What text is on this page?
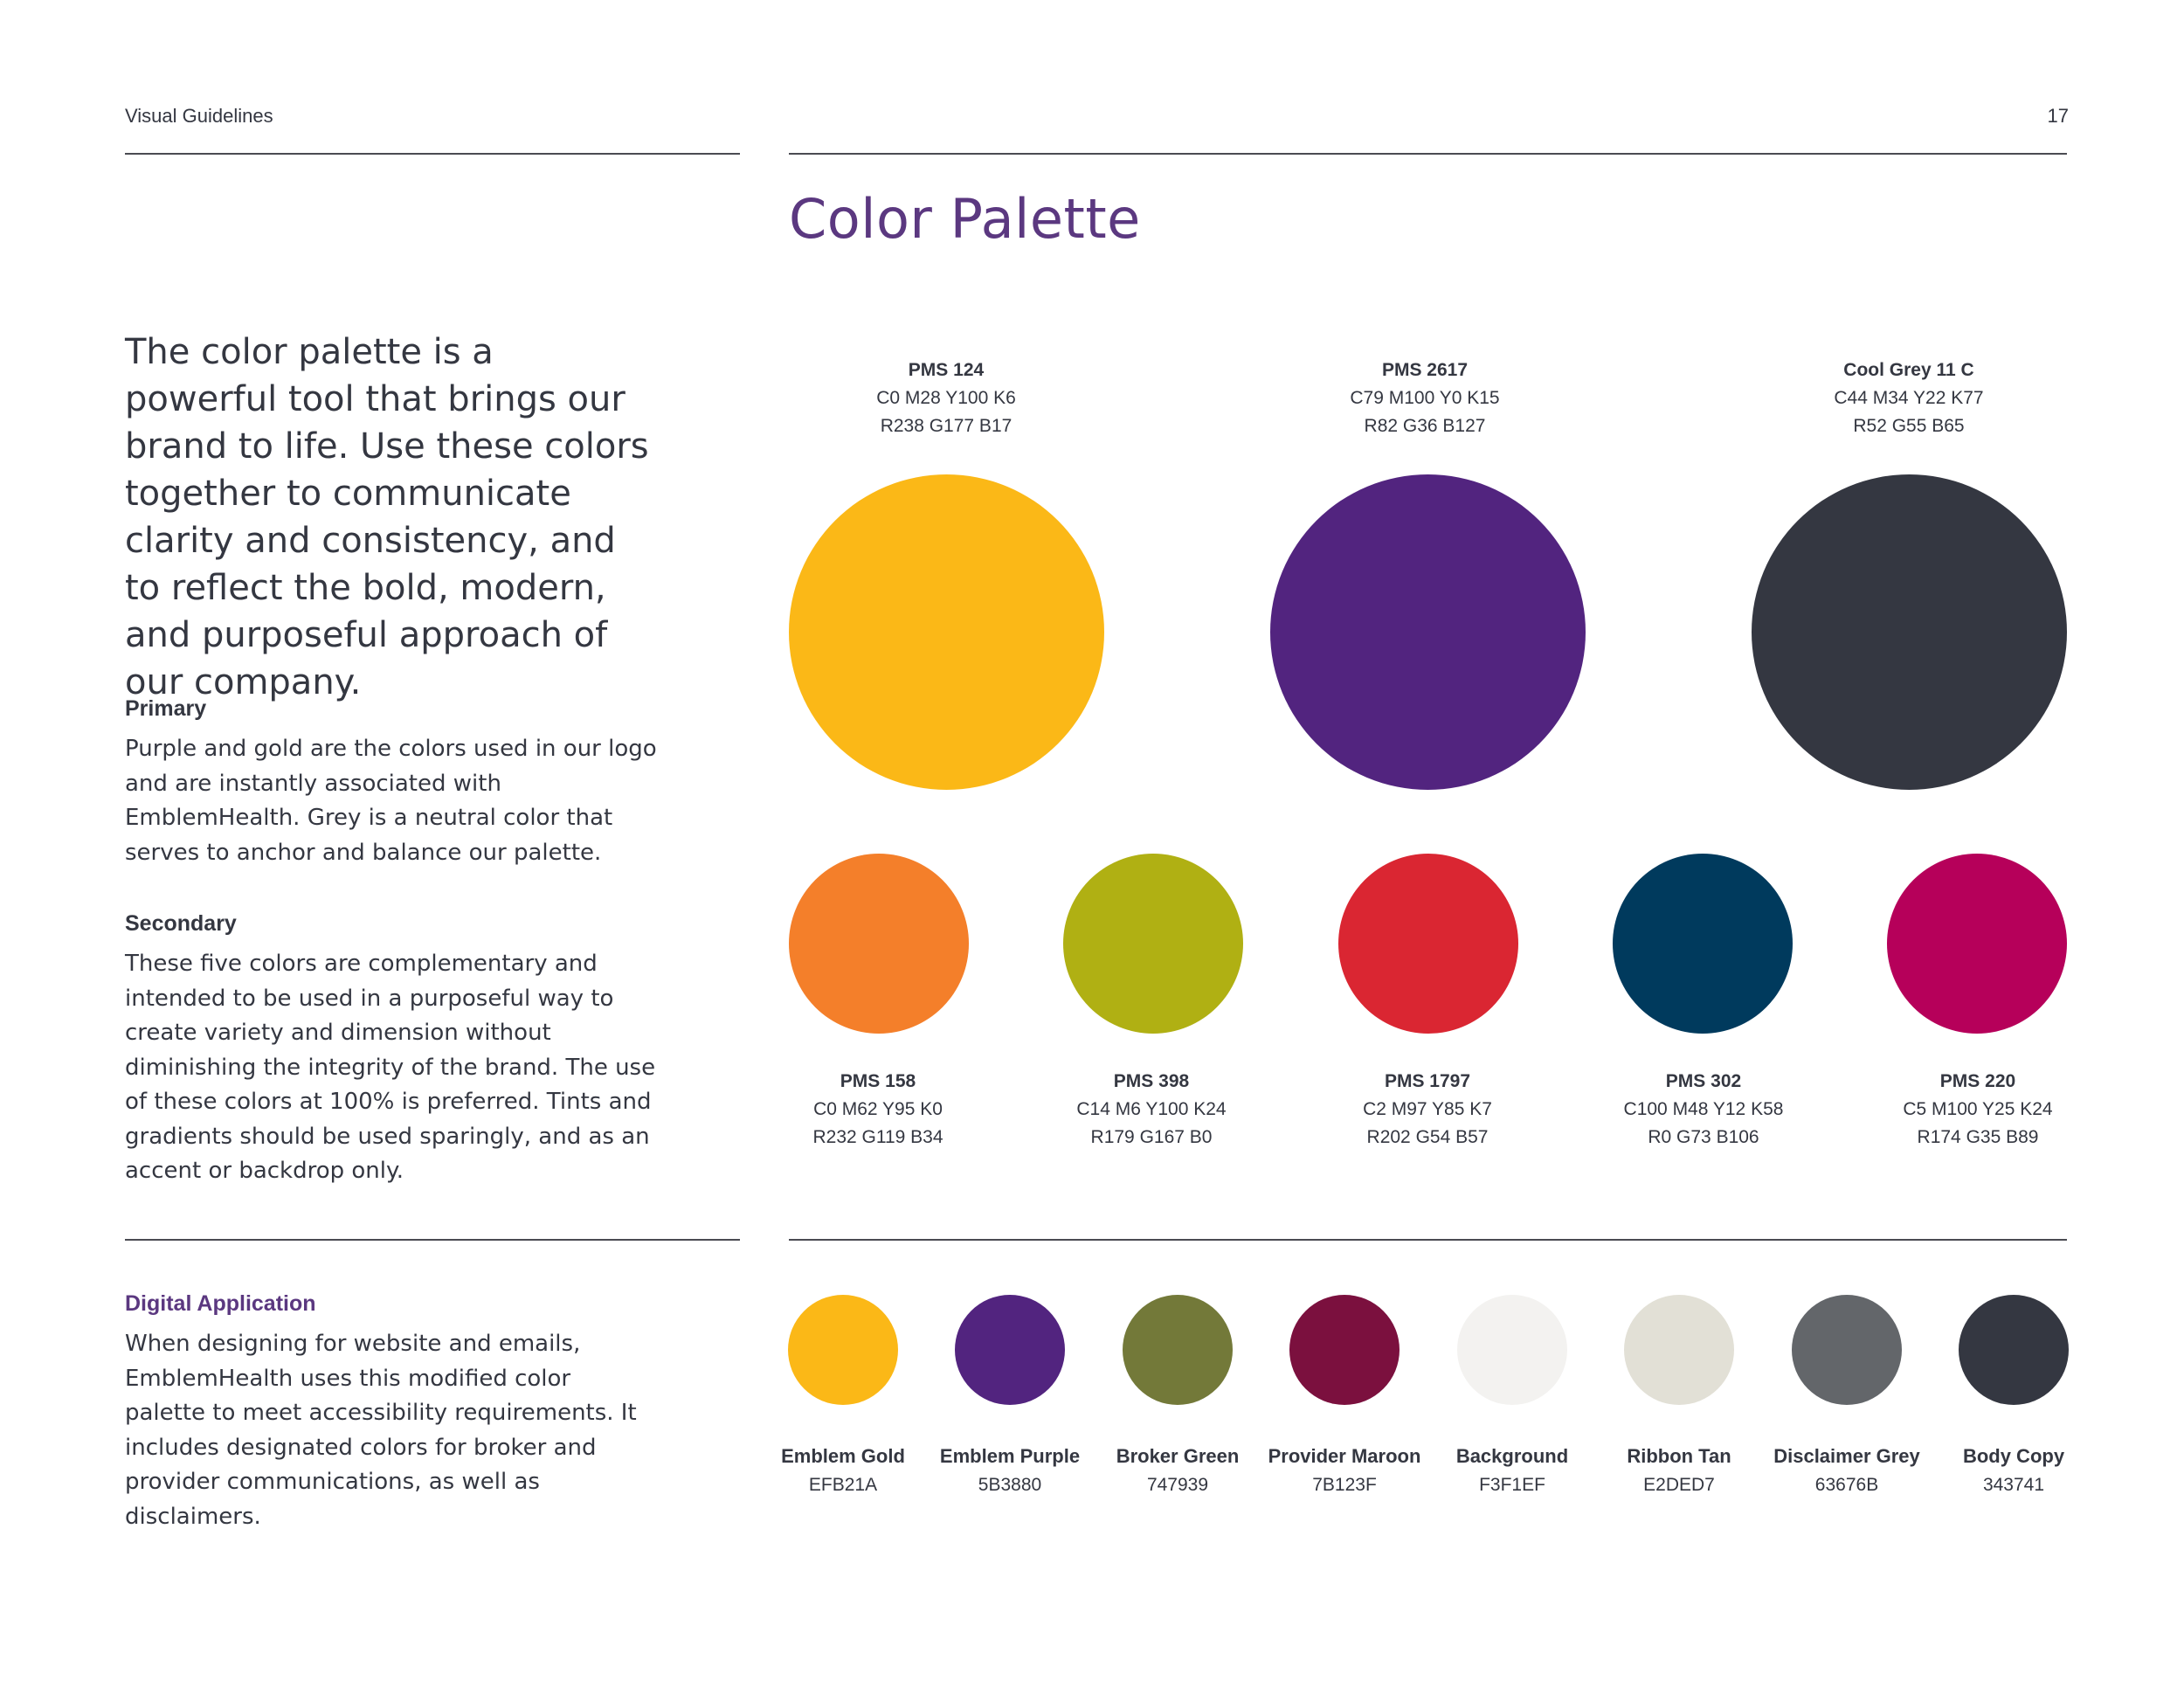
Visual Guidelines	17
Color Palette
The color palette is a powerful tool that brings our brand to life. Use these colors together to communicate clarity and consistency, and to reflect the bold, modern, and purposeful approach of our company.
Primary
Purple and gold are the colors used in our logo and are instantly associated with EmblemHealth. Grey is a neutral color that serves to anchor and balance our palette.
Secondary
These five colors are complementary and intended to be used in a purposeful way to create variety and dimension without diminishing the integrity of the brand. The use of these colors at 100% is preferred. Tints and gradients should be used sparingly, and as an accent or backdrop only.
Digital Application
When designing for website and emails, EmblemHealth uses this modified color palette to meet accessibility requirements. It includes designated colors for broker and provider communications, as well as disclaimers.
PMS 124
C0 M28 Y100 K6
R238 G177 B17
PMS 2617
C79 M100 Y0 K15
R82 G36 B127
Cool Grey 11 C
C44 M34 Y22 K77
R52 G55 B65
PMS 158
C0 M62 Y95 K0
R232 G119 B34
PMS 398
C14 M6 Y100 K24
R179 G167 B0
PMS 1797
C2 M97 Y85 K7
R202 G54 B57
PMS 302
C100 M48 Y12 K58
R0 G73 B106
PMS 220
C5 M100 Y25 K24
R174 G35 B89
Emblem Gold
EFB21A
Emblem Purple
5B3880
Broker Green
747939
Provider Maroon
7B123F
Background
F3F1EF
Ribbon Tan
E2DED7
Disclaimer Grey
63676B
Body Copy
343741
